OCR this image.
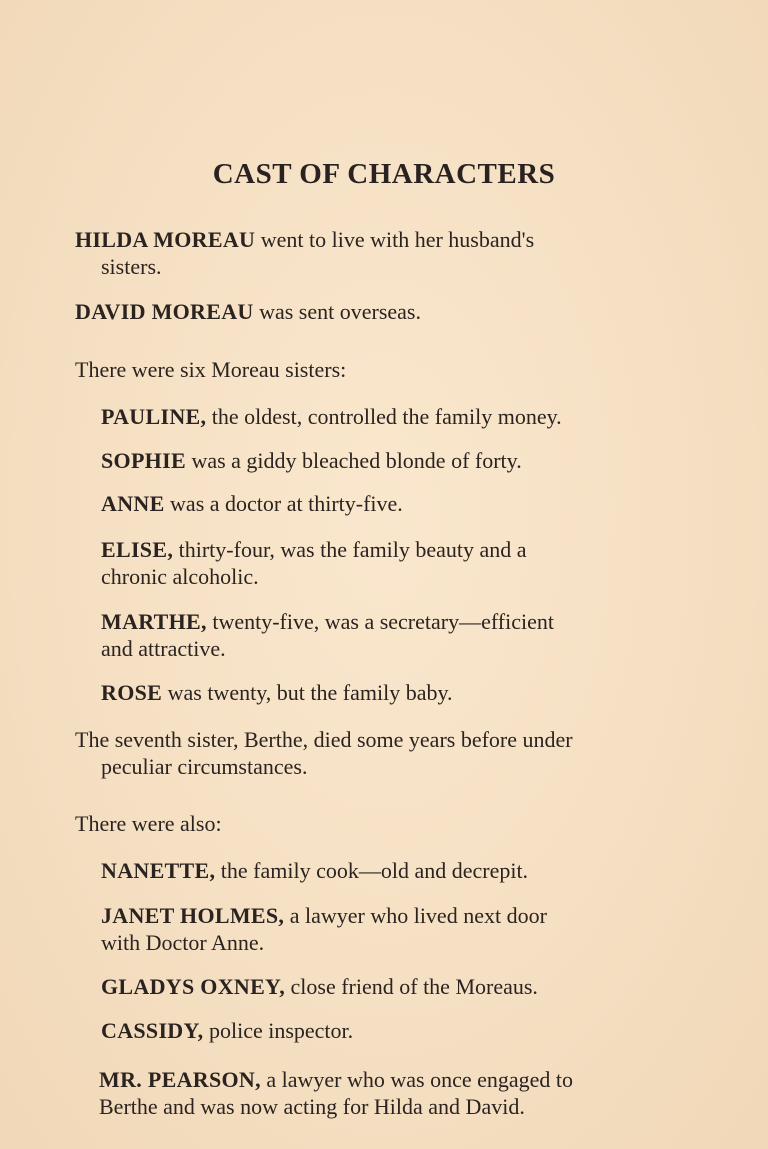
CAST OF CHARACTERS
HILDA MOREAU went to live with her husband's
sisters.
DAVID MOREAU was sent overseas.
There were six Moreau sisters:
PAULINE, the oldest, controlled the family money.
SOPHIE was a giddy bleached blonde of forty.
ANNE was a doctor at thirty-five.
ELISE, thirty-four, was the family beauty and a
chronic alcoholic.
MARTHE, twenty-five, was a secretary—efficient
and attractive.
ROSE was twenty, but the family baby.
The seventh sister, Berthe, died some years before under
peculiar circumstances.
There were also:
NANETTE, the family cook—old and decrepit.
JANET HOLMES, a lawyer who lived next door
with Doctor Anne.
GLADYS OXNEY, close friend of the Moreaus.
CASSIDY, police inspector.
MR. PEARSON, a lawyer who was once engaged to
Berthe and was now acting for Hilda and David.
